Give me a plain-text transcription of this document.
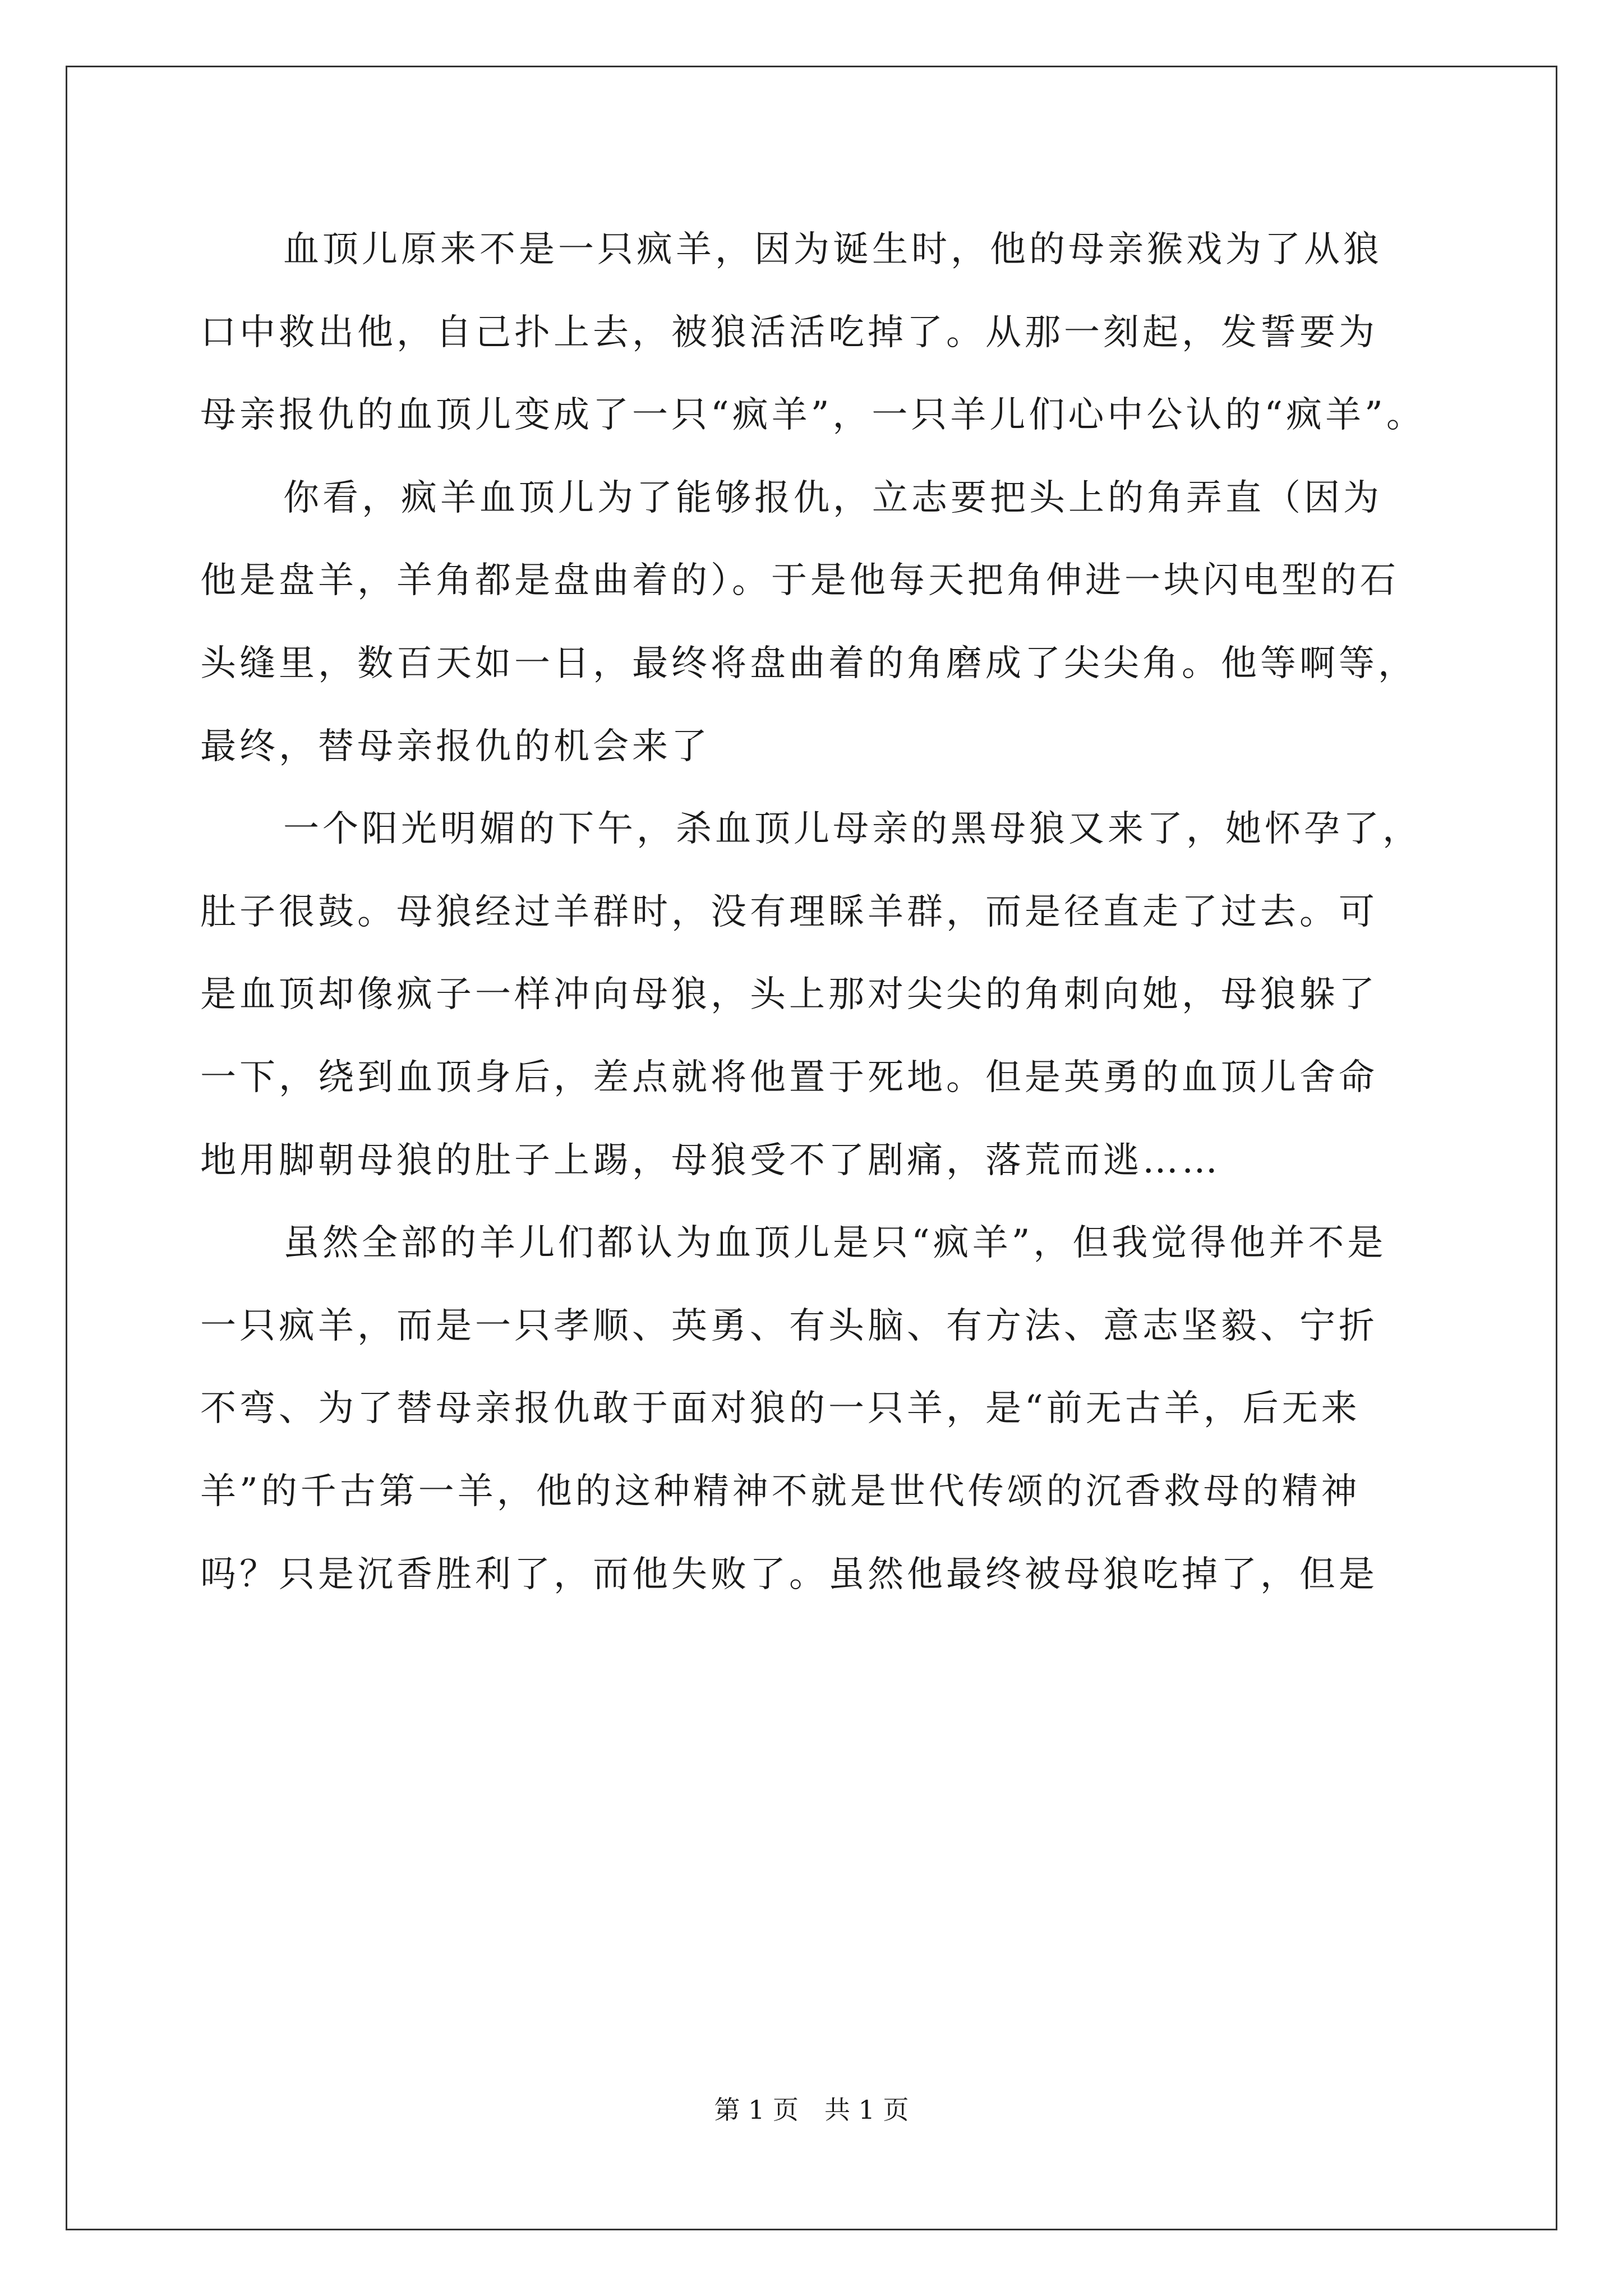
血顶儿原来不是一只疯羊，因为诞生时，他的母亲猴戏为了从狼
口中救出他，自己扑上去，被狼活活吃掉了。从那一刻起，发誓要为
母亲报仇的血顶儿变成了一只“疯羊”，一只羊儿们心中公认的“疯羊”。
你看，疯羊血顶儿为了能够报仇，立志要把头上的角弄直（因为
他是盘羊，羊角都是盘曲着的）。于是他每天把角伸进一块闪电型的石
头缝里，数百天如一日，最终将盘曲着的角磨成了尖尖角。他等啊等，
最终，替母亲报仇的机会来了
一个阳光明媚的下午，杀血顶儿母亲的黑母狼又来了，她怀孕了，
肚子很鼓。母狼经过羊群时，没有理睬羊群，而是径直走了过去。可
是血顶却像疯子一样冲向母狼，头上那对尖尖的角刺向她，母狼躲了
一下，绕到血顶身后，差点就将他置于死地。但是英勇的血顶儿舍命
地用脚朝母狼的肚子上踢，母狼受不了剧痛，落荒而逃……
虽然全部的羊儿们都认为血顶儿是只“疯羊”，但我觉得他并不是
一只疯羊，而是一只孝顺、英勇、有头脑、有方法、意志坚毅、宁折
不弯、为了替母亲报仇敢于面对狼的一只羊，是“前无古羊，后无来
羊”的千古第一羊，他的这种精神不就是世代传颂的沉香救母的精神
吗？只是沉香胜利了，而他失败了。虽然他最终被母狼吃掉了，但是
第 1 页　共 1 页
